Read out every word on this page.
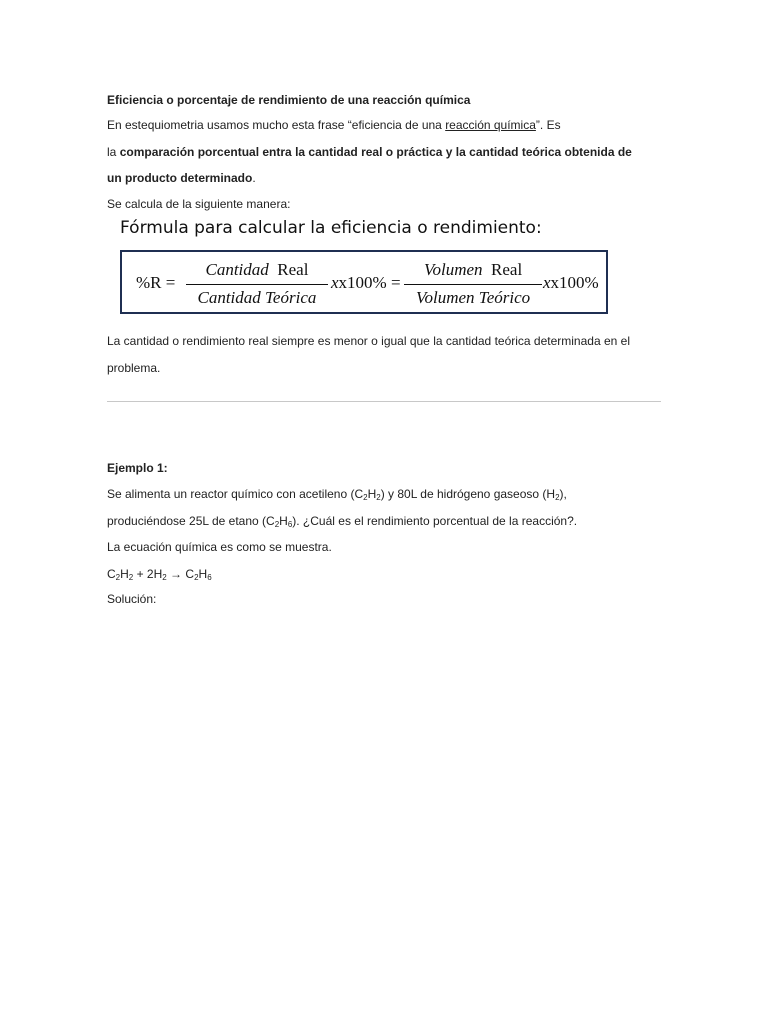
Eficiencia o porcentaje de rendimiento de una reacción química
En estequiometria usamos mucho esta frase “eficiencia de una reacción química”. Es
la comparación porcentual entra la cantidad real o práctica y la cantidad teórica obtenida de
un producto determinado.
Se calcula de la siguiente manera:
Fórmula para calcular la eficiencia o rendimiento:
%R =
Cantidad Real
Cantidad Teórica
xx100% =
Volumen Real
Volumen Teórico
xx100%
La cantidad o rendimiento real siempre es menor o igual que la cantidad teórica determinada en el
problema.
Ejemplo 1:
Se alimenta un reactor químico con acetileno $(C_2H_2)$ y 80L de hidrógeno gaseoso $(H_2)$,
produciéndose 25L de etano $(C_2H_6)$. ¿Cuál es el rendimiento porcentual de la reacción?.
La ecuación química es como se muestra.
$C_2H_2 + 2H_2 \to C_2H_6$
Solución:
